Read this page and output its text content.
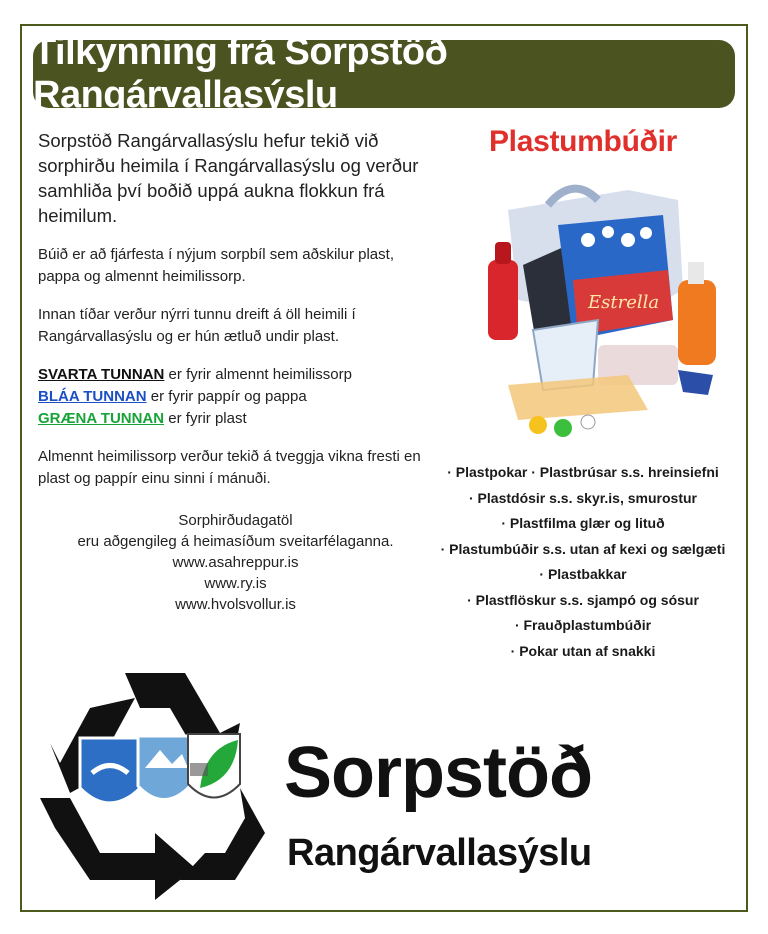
Tilkynning frá Sorpstöð Rangárvallasýslu

Sorpstöð Rangárvallasýslu hefur tekið við sorphirðu heimila í Rangárvallasýslu og verður samhliða því boðið uppá aukna flokkun frá heimilum.

Búið er að fjárfesta í nýjum sorpbíl sem aðskilur plast, pappa og almennt heimilissorp.

Innan tíðar verður nýrri tunnu dreift á öll heimili í Rangárvallasýslu og er hún ætluð undir plast.

SVARTA TUNNAN er fyrir almennt heimilissorp
BLÁA TUNNAN er fyrir pappír og pappa
GRÆNA TUNNAN er fyrir plast

Almennt heimilissorp verður tekið á tveggja vikna fresti en plast og pappír einu sinni í mánuði.

Sorphirðudagatöl
eru aðgengileg á heimasíðum sveitarfélaganna.
www.asahreppur.is
www.ry.is
www.hvolsvollur.is
Plastumbúðir
Estrella
· Plastpokar · Plastbrúsar s.s. hreinsiefni
· Plastdósir s.s. skyr.is, smurostur
· Plastfilma glær og lituð
· Plastumbúðir s.s. utan af kexi og sælgæti
· Plastbakkar
· Plastflöskur s.s. sjampó og sósur
· Frauðplastumbúðir
· Pokar utan af snakki
Sorpstöð
Rangárvallasýslu
